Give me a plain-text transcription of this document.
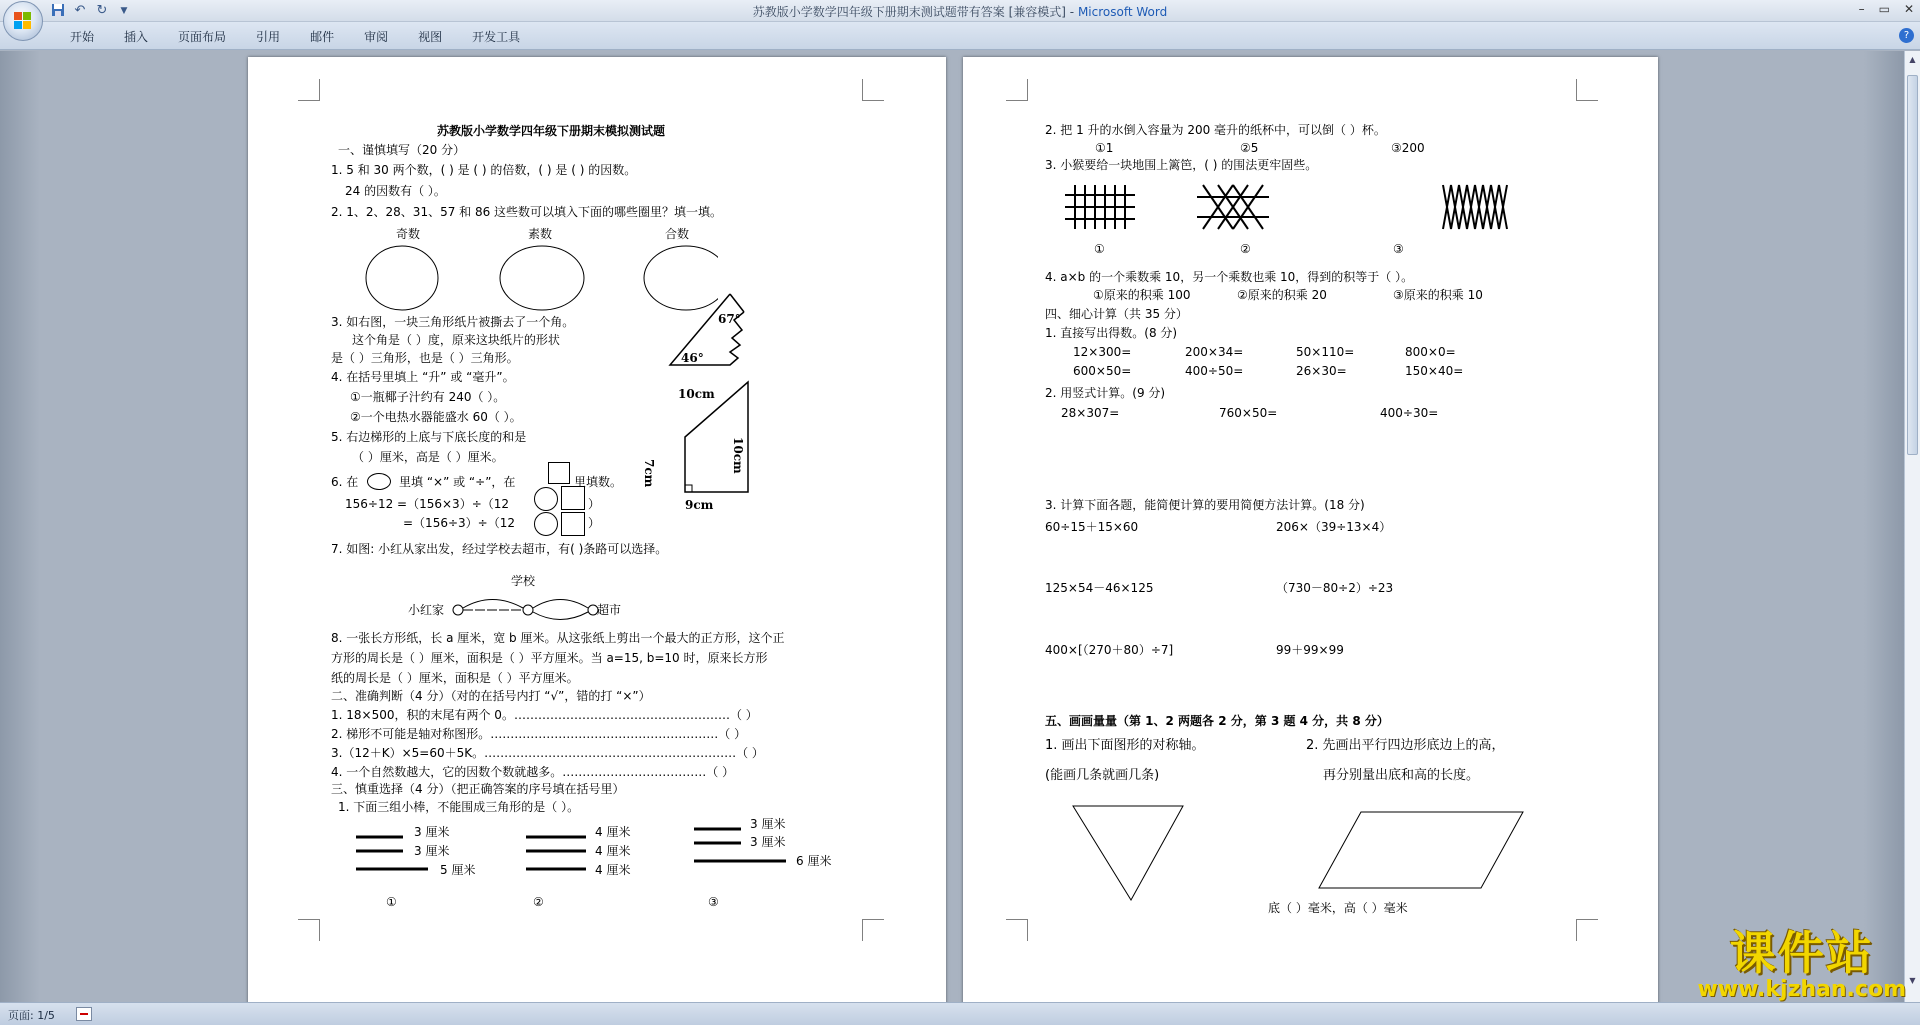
苏教版小学数学四年级下册期末测试题带有答案 [兼容模式] - Microsoft Word
↶ ↻	▼	– ▭ ✕
开始	插入	页面布局	引用	邮件	审阅	视图	开发工具	?
苏教版小学数学四年级下册期末模拟测试题
一、谨慎填写（20 分）
1. 5 和 30 两个数，( ) 是 ( ) 的倍数，( ) 是 ( ) 的因数。
24 的因数有（ ）。
2. 1、2、28、31、57 和 86 这些数可以填入下面的哪些圈里？填一填。
奇数	素数	合数
3. 如右图，一块三角形纸片被撕去了一个角。
这个角是（ ）度，原来这块纸片的形状
是（ ）三角形，也是（ ）三角形。
67°
46°
4. 在括号里填上 “升” 或 “毫升”。
①一瓶椰子汁约有 240（ ）。
②一个电热水器能盛水 60（ ）。
5. 右边梯形的上底与下底长度的和是
（ ）厘米，高是（ ）厘米。
10cm
10cm
7cm
9cm
6. 在	里填 “×” 或 “÷”，在	里填数。
156÷12 =（156×3）÷（12	）
=（156÷3）÷（12	）
7. 如图: 小红从家出发，经过学校去超市，有( )条路可以选择。
学校
小红家	超市
8. 一张长方形纸，长 a 厘米，宽 b 厘米。从这张纸上剪出一个最大的正方形，这个正
方形的周长是（ ）厘米，面积是（ ）平方厘米。当 a=15, b=10 时，原来长方形
纸的周长是（ ）厘米，面积是（ ）平方厘米。
二、准确判断（4 分）（对的在括号内打 “√”，错的打 “×”）
1. 18×500，积的末尾有两个 0。………………………………………………（ ）
2. 梯形不可能是轴对称图形。…………………………………………………（ ）
3.（12＋K）×5=60＋5K。………………………………………………………（ ）
4. 一个自然数越大，它的因数个数就越多。………………………………（ ）
三、慎重选择（4 分）（把正确答案的序号填在括号里）
1. 下面三组小棒，不能围成三角形的是（ ）。
3 厘米
3 厘米
5 厘米
4 厘米
4 厘米
4 厘米
3 厘米
3 厘米
6 厘米
①	②	③
2. 把 1 升的水倒入容量为 200 毫升的纸杯中，可以倒（ ）杯。
①1	②5	③200
3. 小猴要给一块地围上篱笆，( ) 的围法更牢固些。
①	②	③
4. a×b 的一个乘数乘 10，另一个乘数也乘 10，得到的积等于（ ）。
①原来的积乘 100	②原来的积乘 20	③原来的积乘 10
四、细心计算（共 35 分）
1. 直接写出得数。(8 分)
12×300=	200×34=	50×110=	800×0=
600×50=	400÷50=	26×30=	150×40=
2. 用竖式计算。(9 分)
28×307=	760×50=	400÷30=
3. 计算下面各题，能简便计算的要用简便方法计算。(18 分)
60÷15＋15×60	206×（39÷13×4）
125×54－46×125	（730－80÷2）÷23
400×[（270＋80）÷7]	99＋99×99
五、画画量量（第 1、2 两题各 2 分，第 3 题 4 分，共 8 分）
1. 画出下面图形的对称轴。
(能画几条就画几条)
2. 先画出平行四边形底边上的高，
再分别量出底和高的长度。
底（ ）毫米，高（ ）毫米
▲
▼
页面: 1/5
课件站
www.kjzhan.com
